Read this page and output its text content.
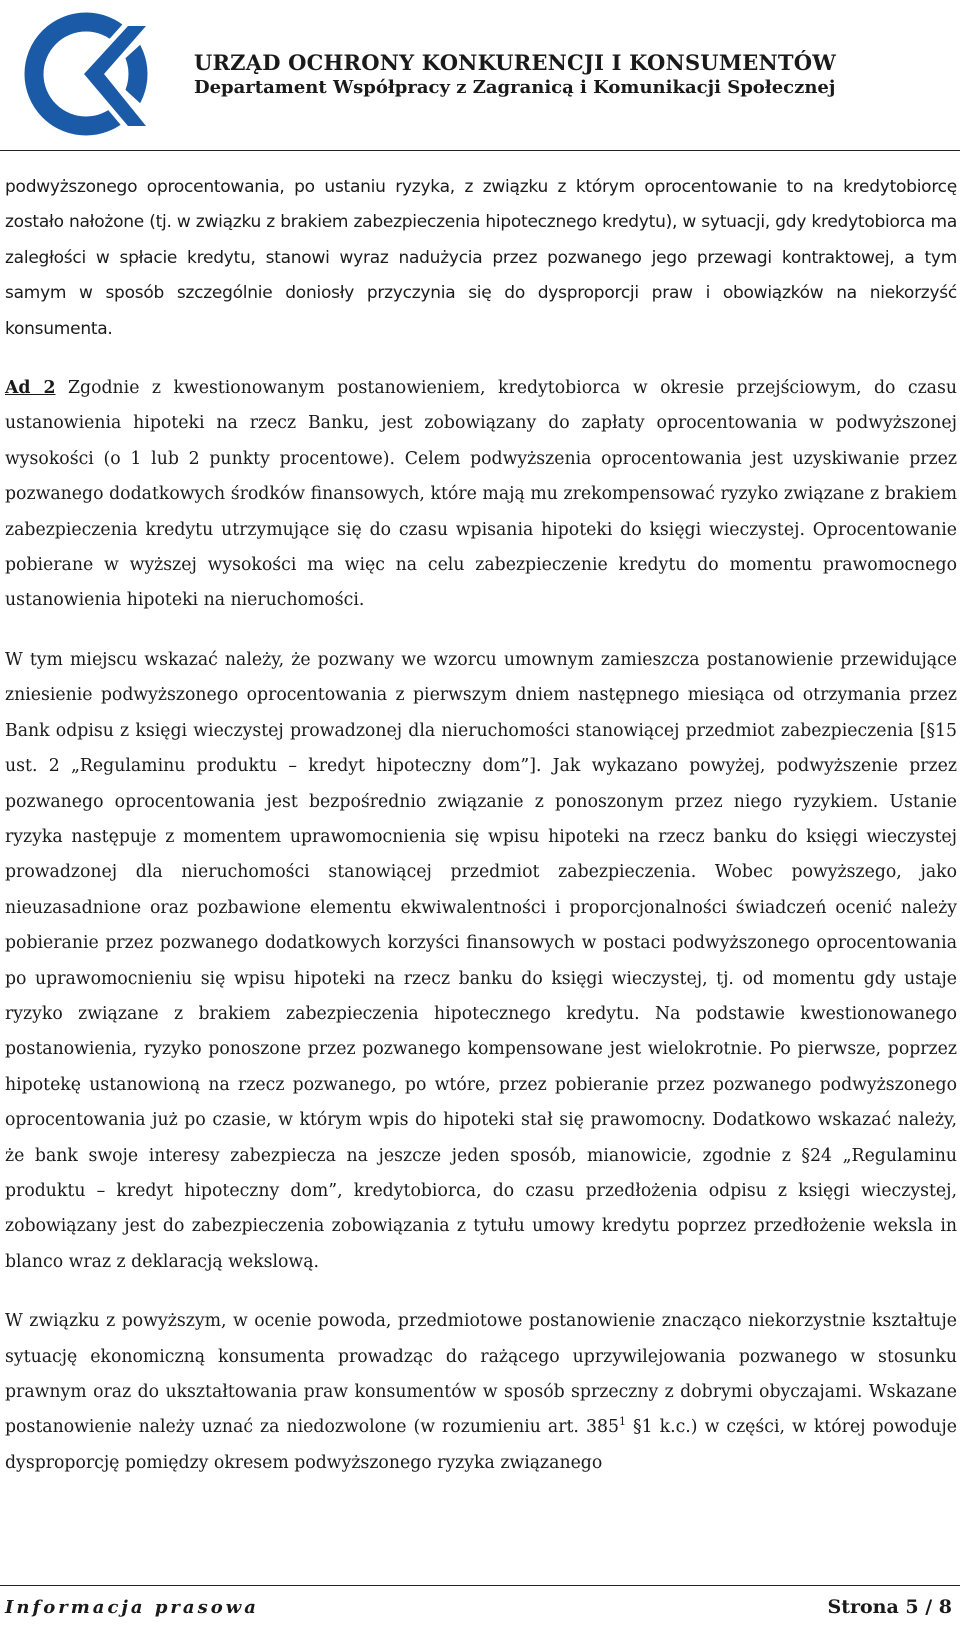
URZĄD OCHRONY KONKURENCJI I KONSUMENTÓW
Departament Współpracy z Zagranicą i Komunikacji Społecznej

podwyższonego oprocentowania, po ustaniu ryzyka, z związku z którym oprocentowanie to na kredytobiorcę zostało nałożone (tj. w związku z brakiem zabezpieczenia hipotecznego kredytu), w sytuacji, gdy kredytobiorca ma zaległości w spłacie kredytu, stanowi wyraz nadużycia przez pozwanego jego przewagi kontraktowej, a tym samym w sposób szczególnie doniosły przyczynia się do dysproporcji praw i obowiązków na niekorzyść konsumenta.

Ad 2 Zgodnie z kwestionowanym postanowieniem, kredytobiorca w okresie przejściowym, do czasu ustanowienia hipoteki na rzecz Banku, jest zobowiązany do zapłaty oprocentowania w podwyższonej wysokości (o 1 lub 2 punkty procentowe). Celem podwyższenia oprocentowania jest uzyskiwanie przez pozwanego dodatkowych środków finansowych, które mają mu zrekompensować ryzyko związane z brakiem zabezpieczenia kredytu utrzymujące się do czasu wpisania hipoteki do księgi wieczystej. Oprocentowanie pobierane w wyższej wysokości ma więc na celu zabezpieczenie kredytu do momentu prawomocnego ustanowienia hipoteki na nieruchomości.

W tym miejscu wskazać należy, że pozwany we wzorcu umownym zamieszcza postanowienie przewidujące zniesienie podwyższonego oprocentowania z pierwszym dniem następnego miesiąca od otrzymania przez Bank odpisu z księgi wieczystej prowadzonej dla nieruchomości stanowiącej przedmiot zabezpieczenia [§15 ust. 2 „Regulaminu produktu – kredyt hipoteczny dom”]. Jak wykazano powyżej, podwyższenie przez pozwanego oprocentowania jest bezpośrednio związanie z ponoszonym przez niego ryzykiem. Ustanie ryzyka następuje z momentem uprawomocnienia się wpisu hipoteki na rzecz banku do księgi wieczystej prowadzonej dla nieruchomości stanowiącej przedmiot zabezpieczenia. Wobec powyższego, jako nieuzasadnione oraz pozbawione elementu ekwiwalentności i proporcjonalności świadczeń ocenić należy pobieranie przez pozwanego dodatkowych korzyści finansowych w postaci podwyższonego oprocentowania po uprawomocnieniu się wpisu hipoteki na rzecz banku do księgi wieczystej, tj. od momentu gdy ustaje ryzyko związane z brakiem zabezpieczenia hipotecznego kredytu. Na podstawie kwestionowanego postanowienia, ryzyko ponoszone przez pozwanego kompensowane jest wielokrotnie. Po pierwsze, poprzez hipotekę ustanowioną na rzecz pozwanego, po wtóre, przez pobieranie przez pozwanego podwyższonego oprocentowania już po czasie, w którym wpis do hipoteki stał się prawomocny. Dodatkowo wskazać należy, że bank swoje interesy zabezpiecza na jeszcze jeden sposób, mianowicie, zgodnie z §24 „Regulaminu produktu – kredyt hipoteczny dom”, kredytobiorca, do czasu przedłożenia odpisu z księgi wieczystej, zobowiązany jest do zabezpieczenia zobowiązania z tytułu umowy kredytu poprzez przedłożenie weksla in blanco wraz z deklaracją wekslową.

W związku z powyższym, w ocenie powoda, przedmiotowe postanowienie znacząco niekorzystnie kształtuje sytuację ekonomiczną konsumenta prowadząc do rażącego uprzywilejowania pozwanego w stosunku prawnym oraz do ukształtowania praw konsumentów w sposób sprzeczny z dobrymi obyczajami. Wskazane postanowienie należy uznać za niedozwolone (w rozumieniu art. $385^1$ §1 k.c.) w części, w której powoduje dysproporcję pomiędzy okresem podwyższonego ryzyka związanego

Informacja prasowa	Strona 5 / 8
